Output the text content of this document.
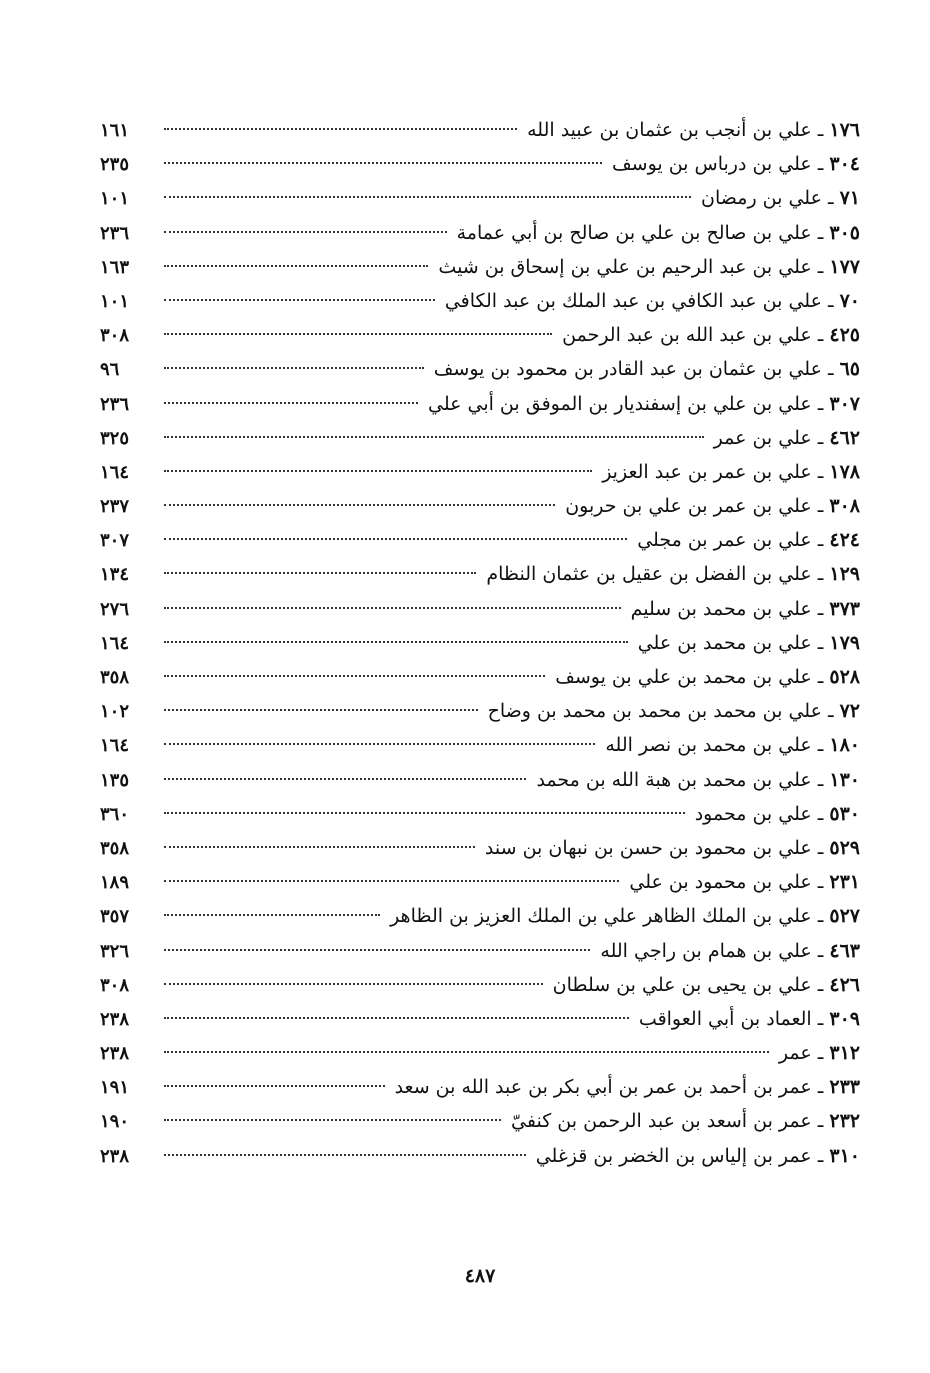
١٧٦ ـ علي بن أنجب بن عثمان بن عبيد الله
١٦١
٣٠٤ ـ علي بن درباس بن يوسف
٢٣٥
٧١ ـ علي بن رمضان
١٠١
٣٠٥ ـ علي بن صالح بن علي بن صالح بن أبي عمامة
٢٣٦
١٧٧ ـ علي بن عبد الرحيم بن علي بن إسحاق بن شيث
١٦٣
٧٠ ـ علي بن عبد الكافي بن عبد الملك بن عبد الكافي
١٠١
٤٢٥ ـ علي بن عبد الله بن عبد الرحمن
٣٠٨
٦٥ ـ علي بن عثمان بن عبد القادر بن محمود بن يوسف
٩٦
٣٠٧ ـ علي بن علي بن إسفنديار بن الموفق بن أبي علي
٢٣٦
٤٦٢ ـ علي بن عمر
٣٢٥
١٧٨ ـ علي بن عمر بن عبد العزيز
١٦٤
٣٠٨ ـ علي بن عمر بن علي بن حربون
٢٣٧
٤٢٤ ـ علي بن عمر بن مجلي
٣٠٧
١٢٩ ـ علي بن الفضل بن عقيل بن عثمان النظام
١٣٤
٣٧٣ ـ علي بن محمد بن سليم
٢٧٦
١٧٩ ـ علي بن محمد بن علي
١٦٤
٥٢٨ ـ علي بن محمد بن علي بن يوسف
٣٥٨
٧٢ ـ علي بن محمد بن محمد بن محمد بن وضاح
١٠٢
١٨٠ ـ علي بن محمد بن نصر الله
١٦٤
١٣٠ ـ علي بن محمد بن هبة الله بن محمد
١٣٥
٥٣٠ ـ علي بن محمود
٣٦٠
٥٢٩ ـ علي بن محمود بن حسن بن نبهان بن سند
٣٥٨
٢٣١ ـ علي بن محمود بن علي
١٨٩
٥٢٧ ـ علي بن الملك الظاهر علي بن الملك العزيز بن الظاهر
٣٥٧
٤٦٣ ـ علي بن همام بن راجي الله
٣٢٦
٤٢٦ ـ علي بن يحيى بن علي بن سلطان
٣٠٨
٣٠٩ ـ العماد بن أبي العواقب
٢٣٨
٣١٢ ـ عمر
٢٣٨
٢٣٣ ـ عمر بن أحمد بن عمر بن أبي بكر بن عبد الله بن سعد
١٩١
٢٣٢ ـ عمر بن أسعد بن عبد الرحمن بن كنفيّ
١٩٠
٣١٠ ـ عمر بن إلياس بن الخضر بن قزغلي
٢٣٨
٤٨٧
